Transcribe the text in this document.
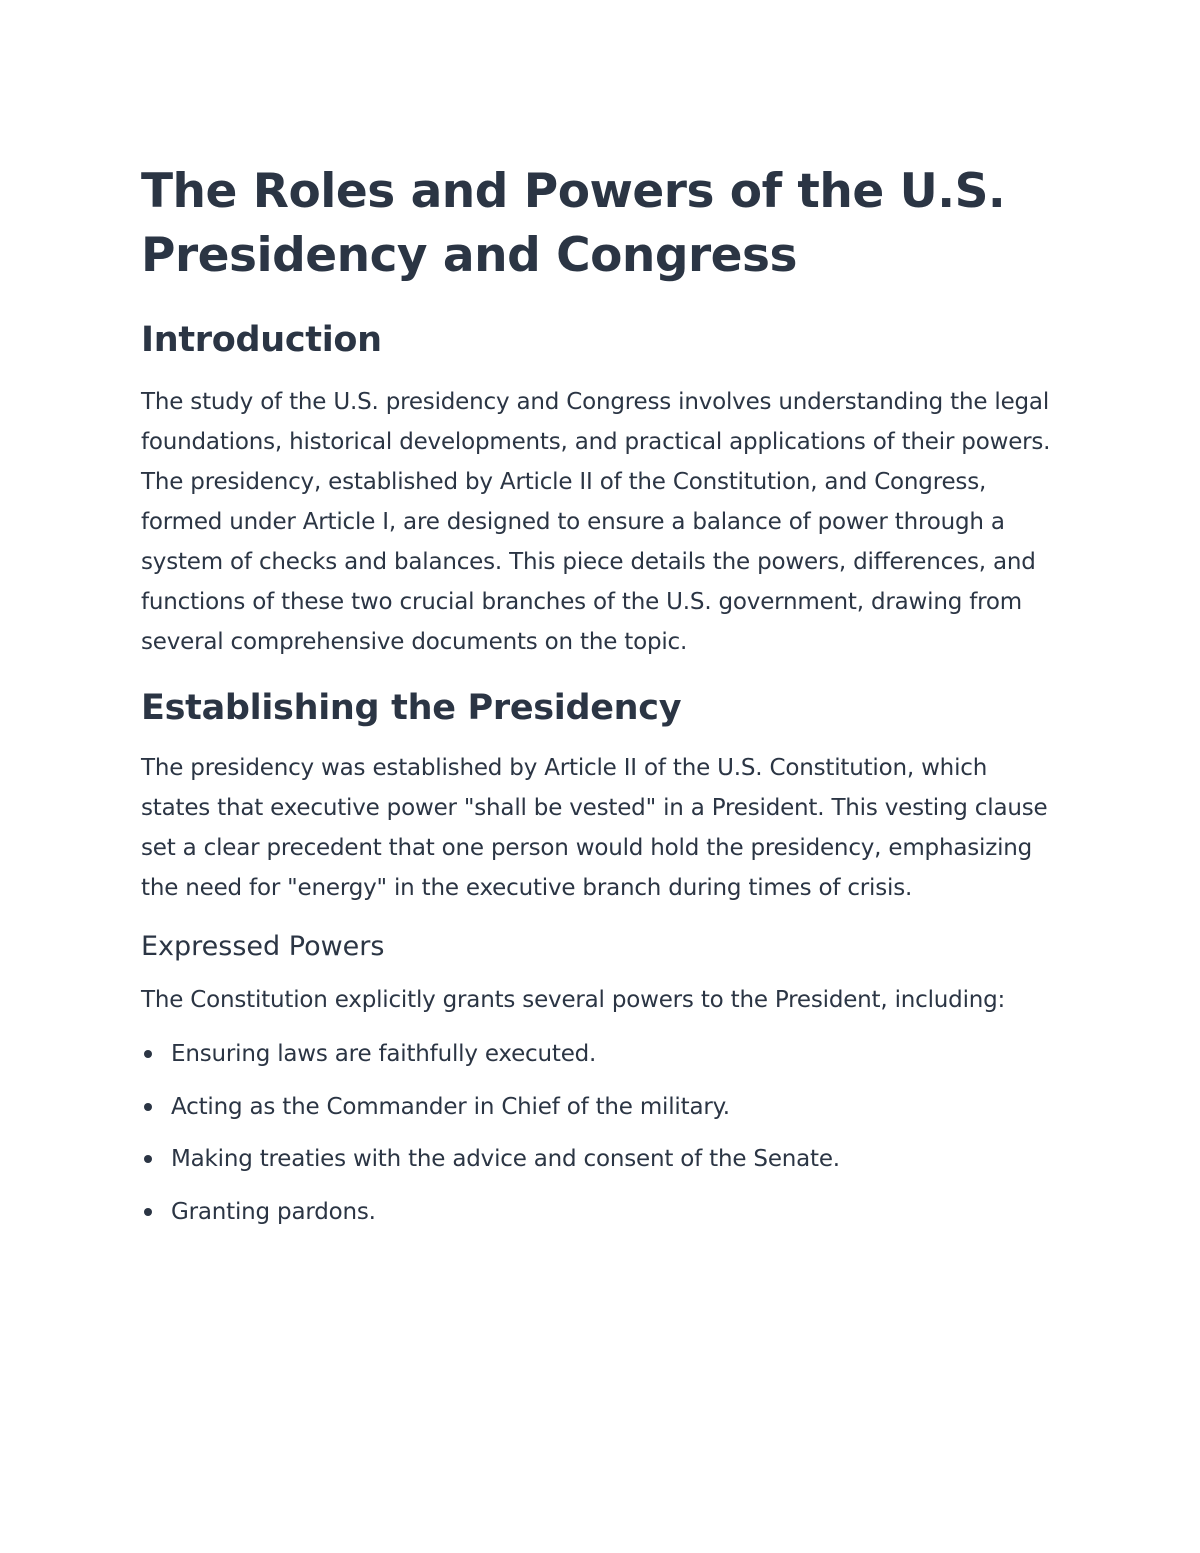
The Roles and Powers of the U.S. Presidency and Congress
Introduction

The study of the U.S. presidency and Congress involves understanding the legal foundations, historical developments, and practical applications of their powers. The presidency, established by Article II of the Constitution, and Congress, formed under Article I, are designed to ensure a balance of power through a system of checks and balances. This piece details the powers, differences, and functions of these two crucial branches of the U.S. government, drawing from several comprehensive documents on the topic.

Establishing the Presidency

The presidency was established by Article II of the U.S. Constitution, which states that executive power "shall be vested" in a President. This vesting clause set a clear precedent that one person would hold the presidency, emphasizing the need for "energy" in the executive branch during times of crisis.

Expressed Powers

The Constitution explicitly grants several powers to the President, including:

Ensuring laws are faithfully executed.
Acting as the Commander in Chief of the military.
Making treaties with the advice and consent of the Senate.
Granting pardons.
